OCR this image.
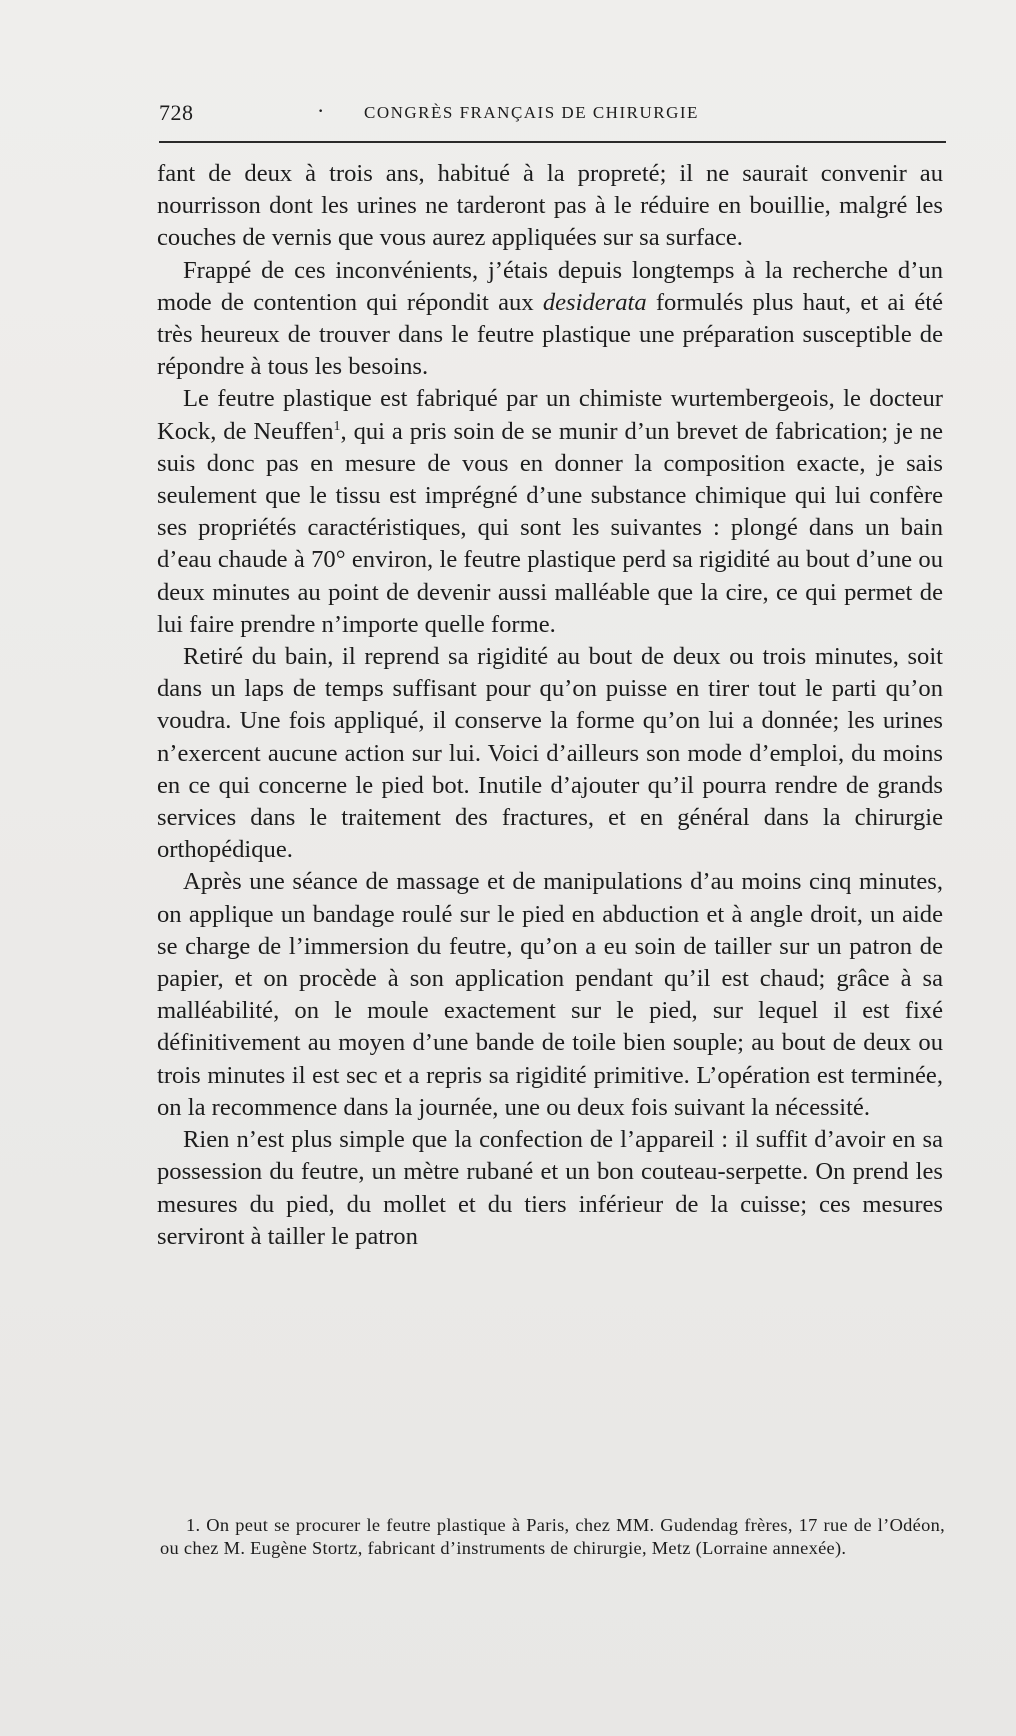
728	· CONGRÈS FRANÇAIS DE CHIRURGIE

fant de deux à trois ans, habitué à la propreté; il ne saurait convenir au nourrisson dont les urines ne tarderont pas à le réduire en bouillie, malgré les couches de vernis que vous aurez appliquées sur sa surface.

Frappé de ces inconvénients, j’étais depuis longtemps à la recherche d’un mode de contention qui répondit aux desiderata formulés plus haut, et ai été très heureux de trouver dans le feutre plastique une préparation susceptible de répondre à tous les besoins.

Le feutre plastique est fabriqué par un chimiste wurtembergeois, le docteur Kock, de Neuffen$^1$, qui a pris soin de se munir d’un brevet de fabrication; je ne suis donc pas en mesure de vous en donner la composition exacte, je sais seulement que le tissu est imprégné d’une substance chimique qui lui confère ses propriétés caractéristiques, qui sont les suivantes : plongé dans un bain d’eau chaude à 70° environ, le feutre plastique perd sa rigidité au bout d’une ou deux minutes au point de devenir aussi malléable que la cire, ce qui permet de lui faire prendre n’importe quelle forme.

Retiré du bain, il reprend sa rigidité au bout de deux ou trois minutes, soit dans un laps de temps suffisant pour qu’on puisse en tirer tout le parti qu’on voudra. Une fois appliqué, il conserve la forme qu’on lui a donnée; les urines n’exercent aucune action sur lui. Voici d’ailleurs son mode d’emploi, du moins en ce qui concerne le pied bot. Inutile d’ajouter qu’il pourra rendre de grands services dans le traitement des fractures, et en général dans la chirurgie orthopédique.

Après une séance de massage et de manipulations d’au moins cinq minutes, on applique un bandage roulé sur le pied en abduction et à angle droit, un aide se charge de l’immersion du feutre, qu’on a eu soin de tailler sur un patron de papier, et on procède à son application pendant qu’il est chaud; grâce à sa malléabilité, on le moule exactement sur le pied, sur lequel il est fixé définitivement au moyen d’une bande de toile bien souple; au bout de deux ou trois minutes il est sec et a repris sa rigidité primitive. L’opération est terminée, on la recommence dans la journée, une ou deux fois suivant la nécessité.

Rien n’est plus simple que la confection de l’appareil : il suffit d’avoir en sa possession du feutre, un mètre rubané et un bon couteau-serpette. On prend les mesures du pied, du mollet et du tiers inférieur de la cuisse; ces mesures serviront à tailler le patron

1. On peut se procurer le feutre plastique à Paris, chez MM. Gudendag frères, 17 rue de l’Odéon, ou chez M. Eugène Stortz, fabricant d’instruments de chirurgie, Metz (Lorraine annexée).
